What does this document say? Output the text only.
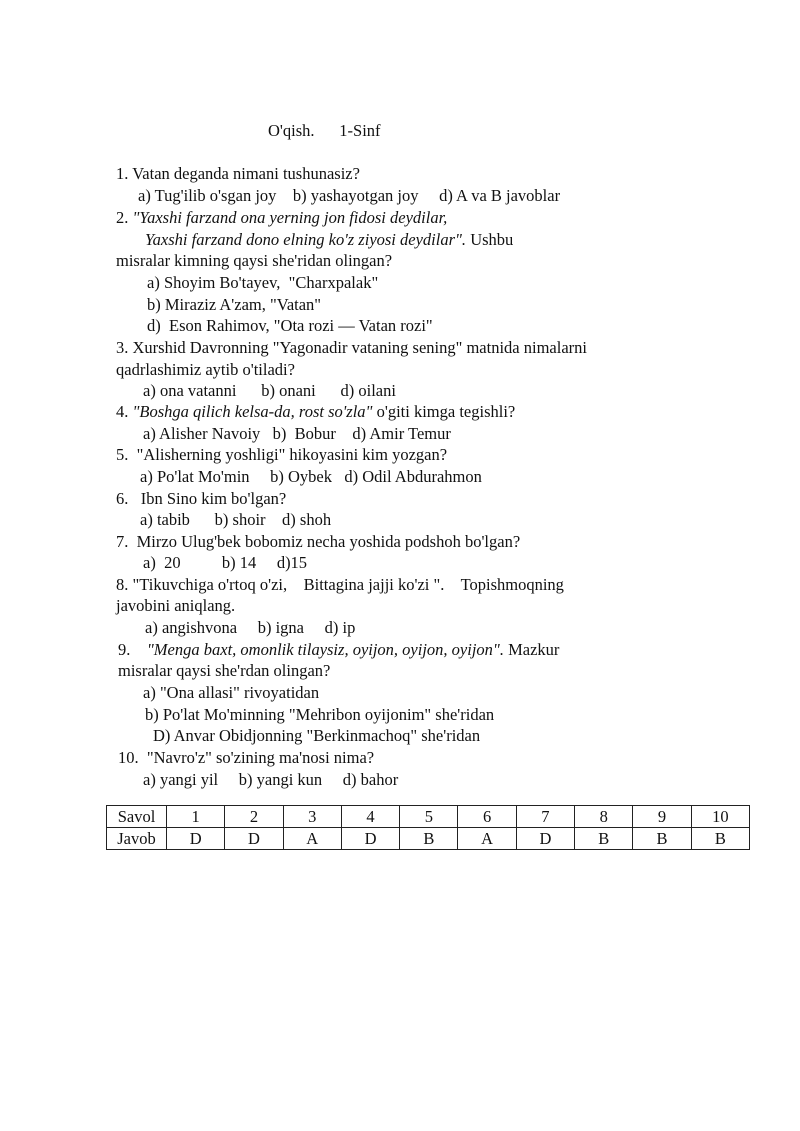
O'qish. 1-Sinf
1. Vatan deganda nimani tushunasiz?
a) Tug'ilib o'sgan joy    b) yashayotgan joy     d) A va B javoblar
2. "Yaxshi farzand ona yerning jon fidosi deydilar,
Yaxshi farzand dono elning ko'z ziyosi deydilar". Ushbu
misralar kimning qaysi she'ridan olingan?
a) Shoyim Bo'tayev,  "Charxpalak"
b) Miraziz A'zam, "Vatan"
d)  Eson Rahimov, "Ota rozi — Vatan rozi"
3. Xurshid Davronning "Yagonadir vataning sening" matnida nimalarni
qadrlashimiz aytib o'tiladi?
a) ona vatanni      b) onani      d) oilani
4. "Boshga qilich kelsa-da, rost so'zla" o'giti kimga tegishli?
a) Alisher Navoiy   b)  Bobur    d) Amir Temur
5.  "Alisherning yoshligi" hikoyasini kim yozgan?
a) Po'lat Mo'min     b) Oybek   d) Odil Abdurahmon
6.   Ibn Sino kim bo'lgan?
a) tabib      b) shoir    d) shoh
7.  Mirzo Ulug'bek bobomiz necha yoshida podshoh bo'lgan?
a)  20          b) 14     d)15
8. "Tikuvchiga o'rtoq o'zi,    Bittagina jajji ko'zi ".    Topishmoqning
javobini aniqlang.
a) angishvona     b) igna     d) ip
9.    "Menga baxt, omonlik tilaysiz, oyijon, oyijon, oyijon". Mazkur
misralar qaysi she'rdan olingan?
a) "Ona allasi" rivoyatidan
b) Po'lat Mo'minning "Mehribon oyijonim" she'ridan
D) Anvar Obidjonning "Berkinmachoq" she'ridan
10.  "Navro'z" so'zining ma'nosi nima?
a) yangi yil     b) yangi kun     d) bahor
Savol	1	2	3	4	5	6	7	8	9	10
Javob	D	D	A	D	B	A	D	B	B	B
